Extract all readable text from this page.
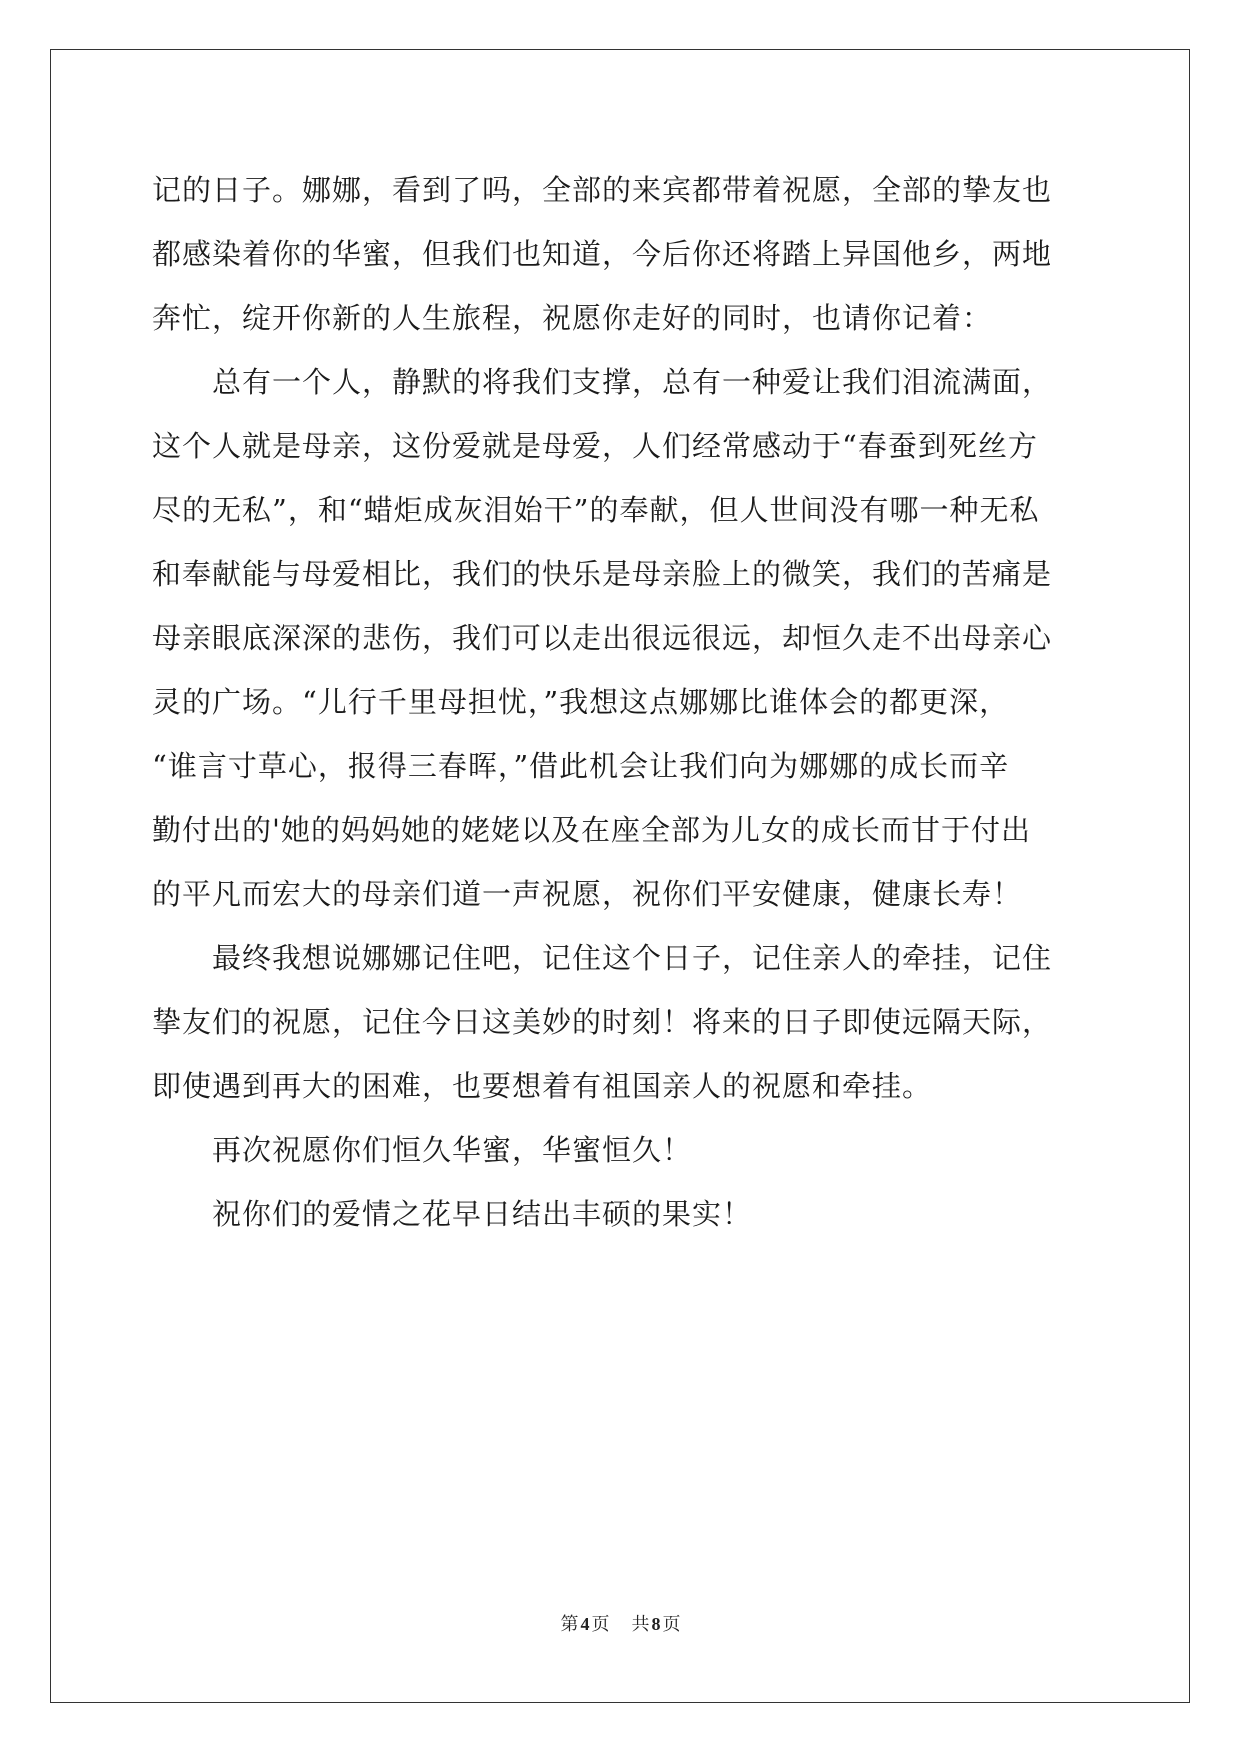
记的日子。娜娜，看到了吗，全部的来宾都带着祝愿，全部的挚友也
都感染着你的华蜜，但我们也知道，今后你还将踏上异国他乡，两地
奔忙，绽开你新的人生旅程，祝愿你走好的同时，也请你记着：
　　总有一个人，静默的将我们支撑，总有一种爱让我们泪流满面，
这个人就是母亲，这份爱就是母爱，人们经常感动于“春蚕到死丝方
尽的无私”，和“蜡炬成灰泪始干”的奉献，但人世间没有哪一种无私
和奉献能与母爱相比，我们的快乐是母亲脸上的微笑，我们的苦痛是
母亲眼底深深的悲伤，我们可以走出很远很远，却恒久走不出母亲心
灵的广场。“儿行千里母担忧，”我想这点娜娜比谁体会的都更深，
“谁言寸草心，报得三春晖，”借此机会让我们向为娜娜的成长而辛
勤付出的'她的妈妈她的姥姥以及在座全部为儿女的成长而甘于付出
的平凡而宏大的母亲们道一声祝愿，祝你们平安健康，健康长寿！
　　最终我想说娜娜记住吧，记住这个日子，记住亲人的牵挂，记住
挚友们的祝愿，记住今日这美妙的时刻！将来的日子即使远隔天际，
即使遇到再大的困难，也要想着有祖国亲人的祝愿和牵挂。
　　再次祝愿你们恒久华蜜，华蜜恒久！
　　祝你们的爱情之花早日结出丰硕的果实！
第 4 页 共 8 页
